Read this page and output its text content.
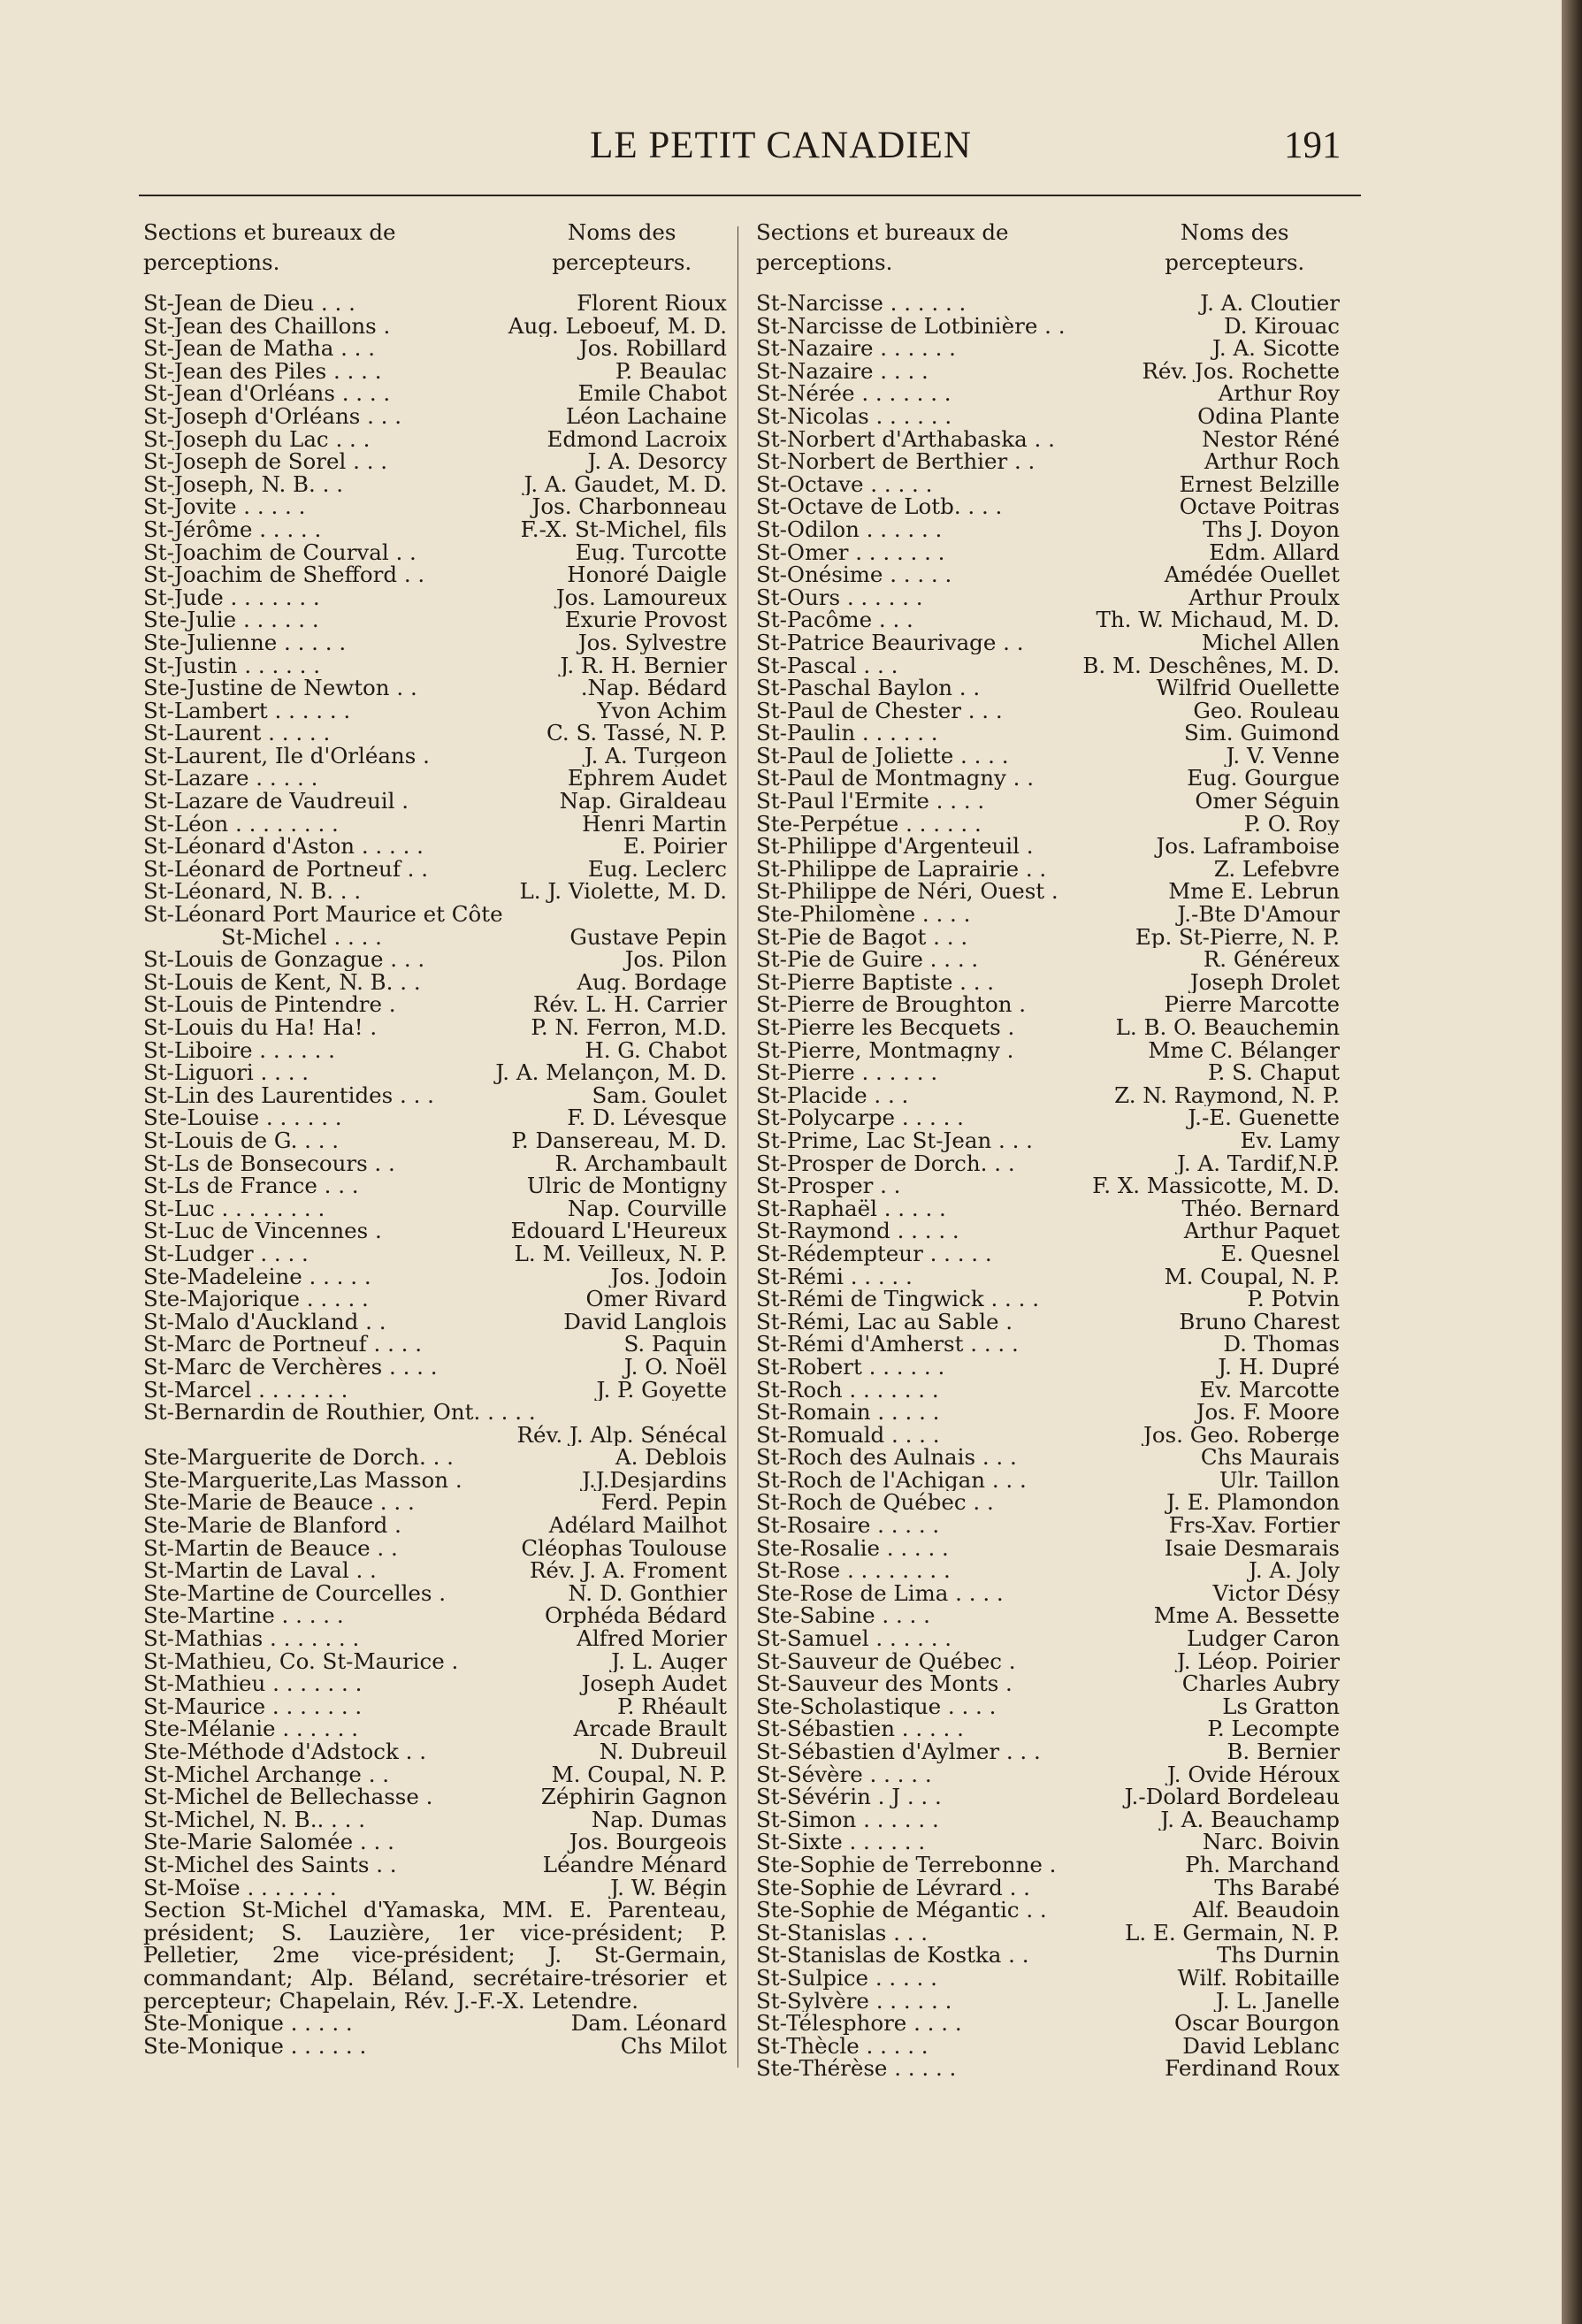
LE PETIT CANADIEN	191
Sections et bureaux de perceptions.
Noms des percepteurs.
St-Jean de Dieu . . .	Florent Rioux
St-Jean des Chaillons .	Aug. Leboeuf, M. D.
St-Jean de Matha . . .	Jos. Robillard
St-Jean des Piles . . . .	P. Beaulac
St-Jean d'Orléans . . . .	Emile Chabot
St-Joseph d'Orléans . . .	Léon Lachaine
St-Joseph du Lac . . .	Edmond Lacroix
St-Joseph de Sorel . . .	J. A. Desorcy
St-Joseph, N. B. . .	J. A. Gaudet, M. D.
St-Jovite . . . . .	Jos. Charbonneau
St-Jérôme . . . . .	F.-X. St-Michel, fils
St-Joachim de Courval . .	Eug. Turcotte
St-Joachim de Shefford . .	Honoré Daigle
St-Jude . . . . . . .	Jos. Lamoureux
Ste-Julie . . . . . .	Exurie Provost
Ste-Julienne . . . . .	Jos. Sylvestre
St-Justin . . . . . .	J. R. H. Bernier
Ste-Justine de Newton . .	.Nap. Bédard
St-Lambert . . . . . .	Yvon Achim
St-Laurent . . . . .	C. S. Tassé, N. P.
St-Laurent, Ile d'Orléans .	J. A. Turgeon
St-Lazare . . . . .	Ephrem Audet
St-Lazare de Vaudreuil .	Nap. Giraldeau
St-Léon . . . . . . . .	Henri Martin
St-Léonard d'Aston . . . . .	E. Poirier
St-Léonard de Portneuf . .	Eug. Leclerc
St-Léonard, N. B. . .	L. J. Violette, M. D.
St-Léonard Port Maurice et Côte
St-Michel . . . .	Gustave Pepin
St-Louis de Gonzague . . .	Jos. Pilon
St-Louis de Kent, N. B. . .	Aug. Bordage
St-Louis de Pintendre .	Rév. L. H. Carrier
St-Louis du Ha! Ha! .	P. N. Ferron, M.D.
St-Liboire . . . . . .	H. G. Chabot
St-Liguori . . . .	J. A. Melançon, M. D.
St-Lin des Laurentides . . .	Sam. Goulet
Ste-Louise . . . . . .	F. D. Lévesque
St-Louis de G. . . .	P. Dansereau, M. D.
St-Ls de Bonsecours . .	R. Archambault
St-Ls de France . . .	Ulric de Montigny
St-Luc . . . . . . . .	Nap. Courville
St-Luc de Vincennes .	Edouard L'Heureux
St-Ludger . . . .	L. M. Veilleux, N. P.
Ste-Madeleine . . . . .	Jos. Jodoin
Ste-Majorique . . . . .	Omer Rivard
St-Malo d'Auckland . .	David Langlois
St-Marc de Portneuf . . . .	S. Paquin
St-Marc de Verchères . . . .	J. O. Noël
St-Marcel . . . . . . .	J. P. Goyette
St-Bernardin de Routhier, Ont. . . . .
Rév. J. Alp. Sénécal
Ste-Marguerite de Dorch. . .	A. Deblois
Ste-Marguerite,Las Masson .	J.J.Desjardins
Ste-Marie de Beauce . . .	Ferd. Pepin
Ste-Marie de Blanford .	Adélard Mailhot
St-Martin de Beauce . .	Cléophas Toulouse
St-Martin de Laval . .	Rév. J. A. Froment
Ste-Martine de Courcelles .	N. D. Gonthier
Ste-Martine . . . . .	Orphéda Bédard
St-Mathias . . . . . . .	Alfred Morier
St-Mathieu, Co. St-Maurice .	J. L. Auger
St-Mathieu . . . . . . .	Joseph Audet
St-Maurice . . . . . . .	P. Rhéault
Ste-Mélanie . . . . . .	Arcade Brault
Ste-Méthode d'Adstock . .	N. Dubreuil
St-Michel Archange . .	M. Coupal, N. P.
St-Michel de Bellechasse .	Zéphirin Gagnon
St-Michel, N. B.. . . .	Nap. Dumas
Ste-Marie Salomée . . .	Jos. Bourgeois
St-Michel des Saints . .	Léandre Ménard
St-Moïse . . . . . . .	J. W. Bégin
Section St-Michel d'Yamaska, MM. E. Parenteau, président; S. Lauzière, 1er vice-président; P. Pelletier, 2me vice-président; J. St-Germain, commandant; Alp. Béland, secrétaire-trésorier et percepteur; Chapelain, Rév. J.-F.-X. Letendre.
Ste-Monique . . . . .	Dam. Léonard
Ste-Monique . . . . . .	Chs Milot
Sections et bureaux de perceptions.
Noms des percepteurs.
St-Narcisse . . . . . .	J. A. Cloutier
St-Narcisse de Lotbinière . .	D. Kirouac
St-Nazaire . . . . . .	J. A. Sicotte
St-Nazaire . . . .	Rév. Jos. Rochette
St-Nérée . . . . . . .	Arthur Roy
St-Nicolas . . . . . .	Odina Plante
St-Norbert d'Arthabaska . .	Nestor Réné
St-Norbert de Berthier . .	Arthur Roch
St-Octave . . . . .	Ernest Belzille
St-Octave de Lotb. . . .	Octave Poitras
St-Odilon . . . . . .	Ths J. Doyon
St-Omer . . . . . . .	Edm. Allard
St-Onésime . . . . .	Amédée Ouellet
St-Ours . . . . . .	Arthur Proulx
St-Pacôme . . .	Th. W. Michaud, M. D.
St-Patrice Beaurivage . .	Michel Allen
St-Pascal . . .	B. M. Deschênes, M. D.
St-Paschal Baylon . .	Wilfrid Ouellette
St-Paul de Chester . . .	Geo. Rouleau
St-Paulin . . . . . .	Sim. Guimond
St-Paul de Joliette . . . .	J. V. Venne
St-Paul de Montmagny . .	Eug. Gourgue
St-Paul l'Ermite . . . .	Omer Séguin
Ste-Perpétue . . . . . .	P. O. Roy
St-Philippe d'Argenteuil .	Jos. Laframboise
St-Philippe de Laprairie . .	Z. Lefebvre
St-Philippe de Néri, Ouest .	Mme E. Lebrun
Ste-Philomène . . . .	J.-Bte D'Amour
St-Pie de Bagot . . .	Ep. St-Pierre, N. P.
St-Pie de Guire . . . .	R. Généreux
St-Pierre Baptiste . . .	Joseph Drolet
St-Pierre de Broughton .	Pierre Marcotte
St-Pierre les Becquets .	L. B. O. Beauchemin
St-Pierre, Montmagny .	Mme C. Bélanger
St-Pierre . . . . . .	P. S. Chaput
St-Placide . . .	Z. N. Raymond, N. P.
St-Polycarpe . . . . .	J.-E. Guenette
St-Prime, Lac St-Jean . . .	Ev. Lamy
St-Prosper de Dorch. . .	J. A. Tardif,N.P.
St-Prosper . .	F. X. Massicotte, M. D.
St-Raphaël . . . . .	Théo. Bernard
St-Raymond . . . . .	Arthur Paquet
St-Rédempteur . . . . .	E. Quesnel
St-Rémi . . . . .	M. Coupal, N. P.
St-Rémi de Tingwick . . . .	P. Potvin
St-Rémi, Lac au Sable .	Bruno Charest
St-Rémi d'Amherst . . . .	D. Thomas
St-Robert . . . . . .	J. H. Dupré
St-Roch . . . . . . .	Ev. Marcotte
St-Romain . . . . .	Jos. F. Moore
St-Romuald . . . .	Jos. Geo. Roberge
St-Roch des Aulnais . . .	Chs Maurais
St-Roch de l'Achigan . . .	Ulr. Taillon
St-Roch de Québec . .	J. E. Plamondon
St-Rosaire . . . . .	Frs-Xav. Fortier
Ste-Rosalie . . . . .	Isaie Desmarais
St-Rose . . . . . . . .	J. A. Joly
Ste-Rose de Lima . . . .	Victor Désy
Ste-Sabine . . . .	Mme A. Bessette
St-Samuel . . . . . .	Ludger Caron
St-Sauveur de Québec .	J. Léop. Poirier
St-Sauveur des Monts .	Charles Aubry
Ste-Scholastique . . . .	Ls Gratton
St-Sébastien . . . . .	P. Lecompte
St-Sébastien d'Aylmer . . .	B. Bernier
St-Sévère . . . . .	J. Ovide Héroux
St-Sévérin . J . . .	J.-Dolard Bordeleau
St-Simon . . . . . .	J. A. Beauchamp
St-Sixte . . . . . .	Narc. Boivin
Ste-Sophie de Terrebonne .	Ph. Marchand
Ste-Sophie de Lévrard . .	Ths Barabé
Ste-Sophie de Mégantic . .	Alf. Beaudoin
St-Stanislas . . .	L. E. Germain, N. P.
St-Stanislas de Kostka . .	Ths Durnin
St-Sulpice . . . . .	Wilf. Robitaille
St-Sylvère . . . . . .	J. L. Janelle
St-Télesphore . . . .	Oscar Bourgon
St-Thècle . . . . .	David Leblanc
Ste-Thérèse . . . . .	Ferdinand Roux
